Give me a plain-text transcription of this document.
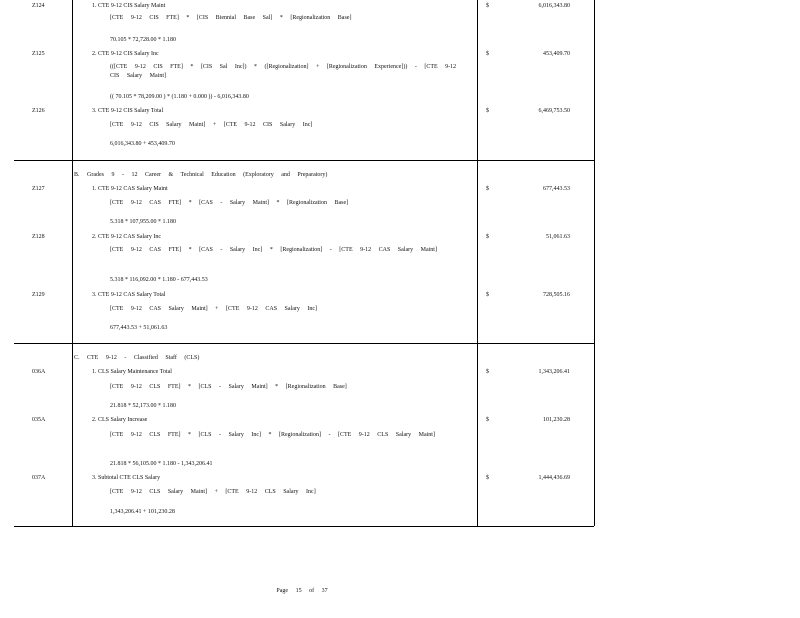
Z124	1. CTE 9-12 CIS Salary Maint
[CTE 9-12 CIS FTE] * [CIS Biennial Base Sal] * [Regionalization Base]
70.105 * 72,728.00 * 1.180
$	6,016,343.80
Z125	2. CTE 9-12 CIS Salary Inc
(([CTE 9-12 CIS FTE] * [CIS Sal Inc]) * ([Regionalization] + [Regionalization Experience])) - [CTE 9-12 CIS Salary Maint]
(( 70.105 * 78,209.00 ) * (1.180 + 0.000 )) - 6,016,343.80
$	453,409.70
Z126	3. CTE 9-12 CIS Salary Total
[CTE 9-12 CIS Salary Maint] + [CTE 9-12 CIS Salary Inc]
6,016,343.80 + 453,409.70
$	6,469,753.50
B. Grades 9 - 12 Career & Technical Education (Exploratory and Preparatory)
Z127	1. CTE 9-12 CAS Salary Maint
[CTE 9-12 CAS FTE] * [CAS - Salary Maint] * [Regionalization Base]
5.318 * 107,955.00 * 1.180
$	677,443.53
Z128	2. CTE 9-12 CAS Salary Inc
[CTE 9-12 CAS FTE] * [CAS - Salary Inc] * [Regionalization] - [CTE 9-12 CAS Salary Maint]
5.318 * 116,092.00 * 1.180 - 677,443.53
$	51,061.63
Z129	3. CTE 9-12 CAS Salary Total
[CTE 9-12 CAS Salary Maint] + [CTE 9-12 CAS Salary Inc]
677,443.53 + 51,061.63
$	728,505.16
C. CTE 9-12 - Classified Staff (CLS)
036A	1. CLS Salary Maintenance Total
[CTE 9-12 CLS FTE] * [CLS - Salary Maint] * [Regionalization Base]
21.818 * 52,173.00 * 1.180
$	1,343,206.41
035A	2. CLS Salary Increase
[CTE 9-12 CLS FTE] * [CLS - Salary Inc] * [Regionalization] - [CTE 9-12 CLS Salary Maint]
21.818 * 56,105.00 * 1.180 - 1,343,206.41
$	101,230.28
037A	3. Subtotal CTE CLS Salary
[CTE 9-12 CLS Salary Maint] + [CTE 9-12 CLS Salary Inc]
1,343,206.41 + 101,230.28
$	1,444,436.69
Page 15 of 37
